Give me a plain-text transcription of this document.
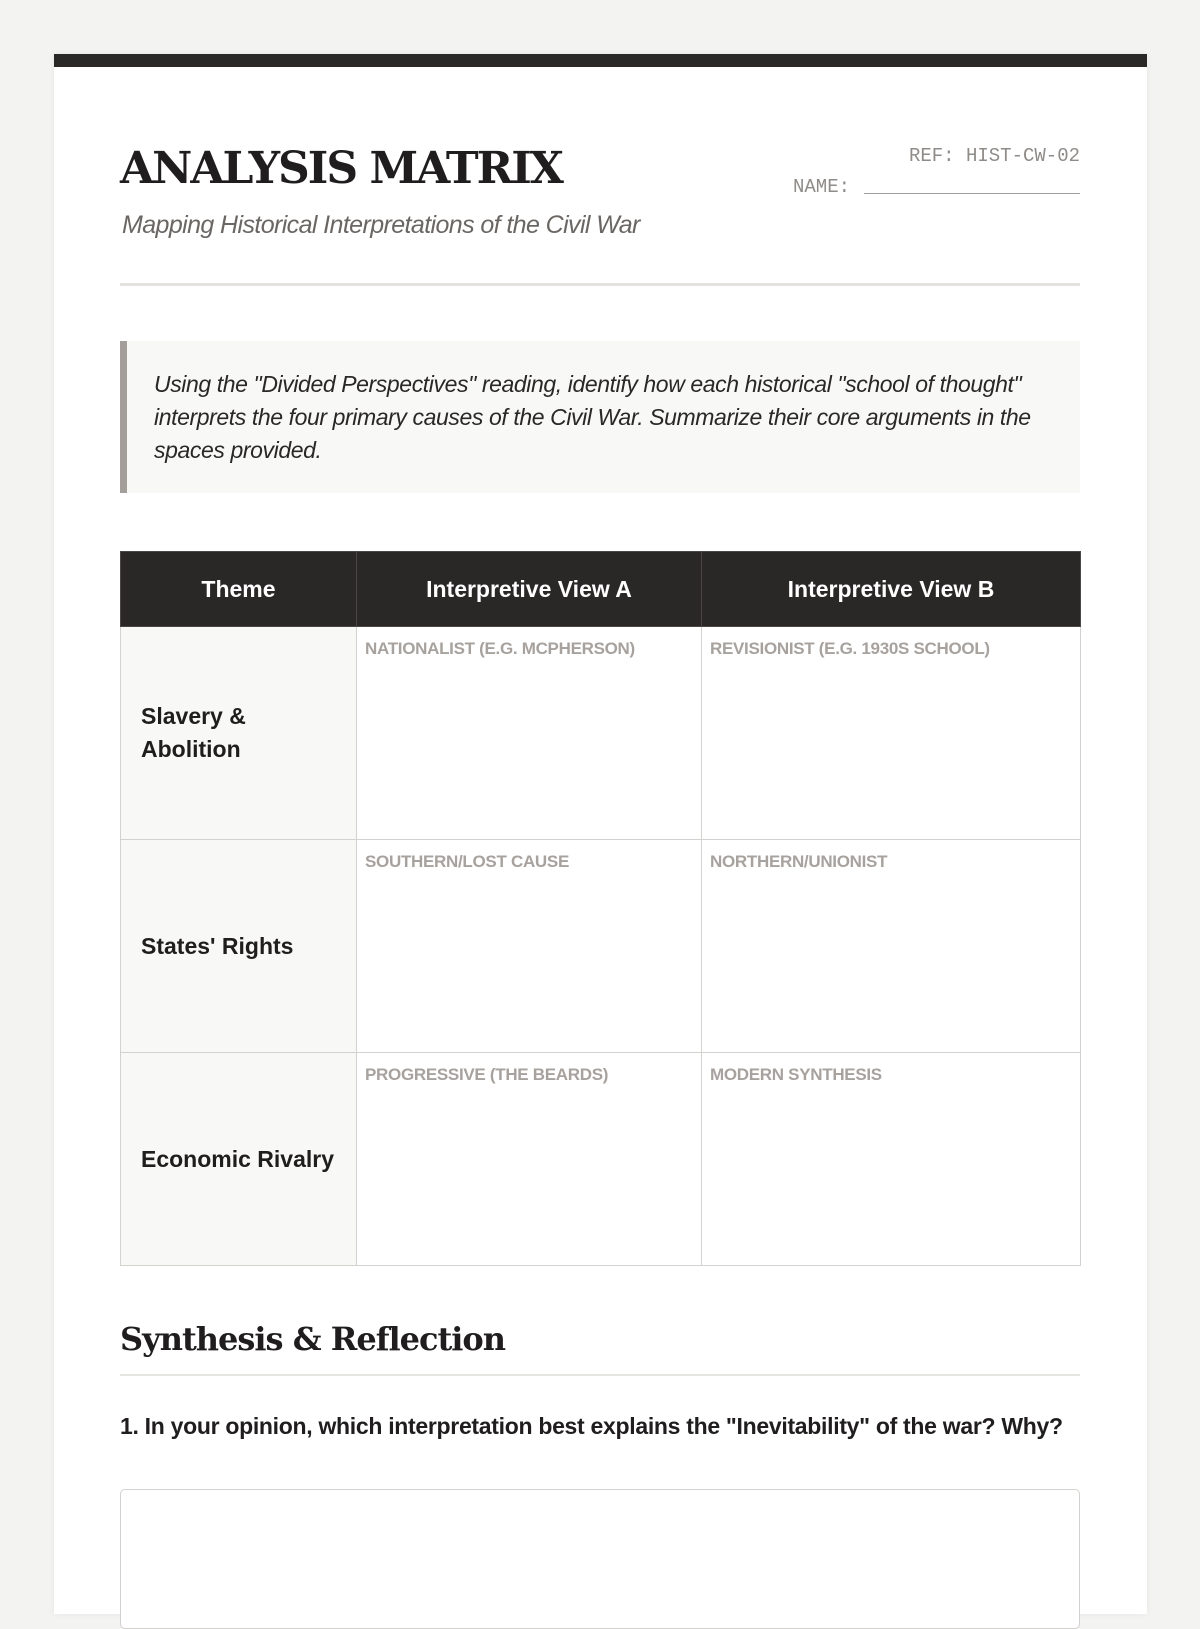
ANALYSIS MATRIX

Mapping Historical Interpretations of the Civil War

REF: HIST-CW-02
NAME:
Using the "Divided Perspectives" reading, identify how each historical "school of thought" interprets the four primary causes of the Civil War. Summarize their core arguments in the spaces provided.
Theme	Interpretive View A	Interpretive View B
Slavery & Abolition	NATIONALIST (E.G. MCPHERSON)	REVISIONIST (E.G. 1930S SCHOOL)
States' Rights	SOUTHERN/LOST CAUSE	NORTHERN/UNIONIST
Economic Rivalry	PROGRESSIVE (THE BEARDS)	MODERN SYNTHESIS
Synthesis & Reflection

1. In your opinion, which interpretation best explains the "Inevitability" of the war? Why?
